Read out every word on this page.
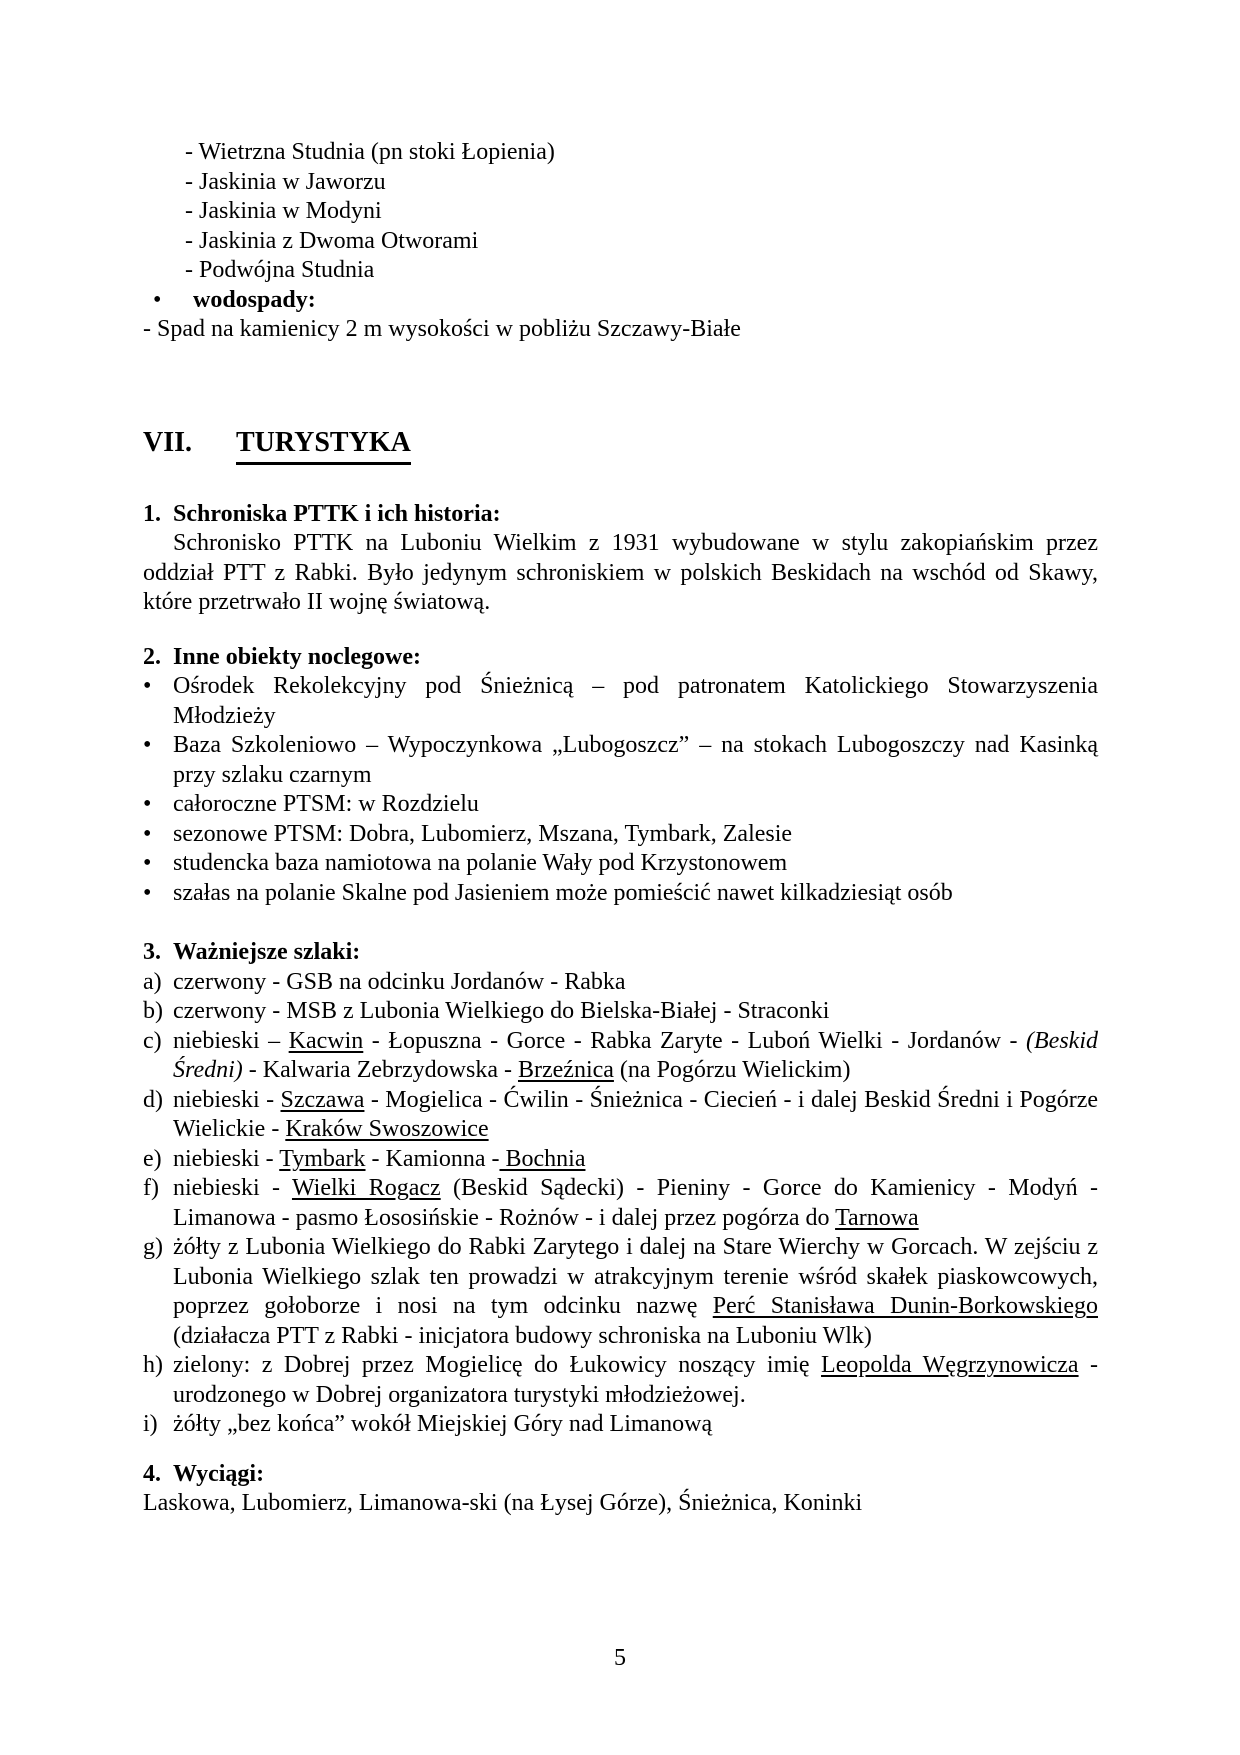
- Wietrzna Studnia (pn stoki Łopienia)
- Jaskinia w Jaworzu
- Jaskinia w Modyni
- Jaskinia z Dwoma Otworami
- Podwójna Studnia
•	wodospady:
- Spad na kamienicy 2 m wysokości w pobliżu Szczawy-Białe
VII.	TURYSTYKA
1. Schroniska PTTK i ich historia:

Schronisko PTTK na Luboniu Wielkim z 1931 wybudowane w stylu zakopiańskim przez oddział PTT z Rabki. Było jedynym schroniskiem w polskich Beskidach na wschód od Skawy, które przetrwało II wojnę światową.

2. Inne obiekty noclegowe:
• Ośrodek Rekolekcyjny pod Śnieżnicą – pod patronatem Katolickiego Stowarzyszenia Młodzieży
• Baza Szkoleniowo – Wypoczynkowa „Lubogoszcz” – na stokach Lubogoszczy nad Kasinką przy szlaku czarnym
• całoroczne PTSM: w Rozdzielu
• sezonowe PTSM: Dobra, Lubomierz, Mszana, Tymbark, Zalesie
• studencka baza namiotowa na polanie Wały pod Krzystonowem
• szałas na polanie Skalne pod Jasieniem może pomieścić nawet kilkadziesiąt osób
3. Ważniejsze szlaki:
a) czerwony - GSB na odcinku Jordanów - Rabka
b) czerwony - MSB z Lubonia Wielkiego do Bielska-Białej - Straconki
c) niebieski – Kacwin - Łopuszna - Gorce - Rabka Zaryte - Luboń Wielki - Jordanów - (Beskid Średni) - Kalwaria Zebrzydowska - Brzeźnica (na Pogórzu Wielickim)
d) niebieski - Szczawa - Mogielica - Ćwilin - Śnieżnica - Ciecień - i dalej Beskid Średni i Pogórze Wielickie - Kraków Swoszowice
e) niebieski - Tymbark - Kamionna - Bochnia
f) niebieski - Wielki Rogacz (Beskid Sądecki) - Pieniny - Gorce do Kamienicy - Modyń - Limanowa - pasmo Łososińskie - Rożnów - i dalej przez pogórza do Tarnowa
g) żółty z Lubonia Wielkiego do Rabki Zarytego i dalej na Stare Wierchy w Gorcach. W zejściu z Lubonia Wielkiego szlak ten prowadzi w atrakcyjnym terenie wśród skałek piaskowcowych, poprzez gołoborze i nosi na tym odcinku nazwę Perć Stanisława Dunin-Borkowskiego (działacza PTT z Rabki - inicjatora budowy schroniska na Luboniu Wlk)
h) zielony: z Dobrej przez Mogielicę do Łukowicy noszący imię Leopolda Węgrzynowicza - urodzonego w Dobrej organizatora turystyki młodzieżowej.
i) żółty „bez końca” wokół Miejskiej Góry nad Limanową
4. Wyciągi:
Laskowa, Lubomierz, Limanowa-ski (na Łysej Górze), Śnieżnica, Koninki
5
